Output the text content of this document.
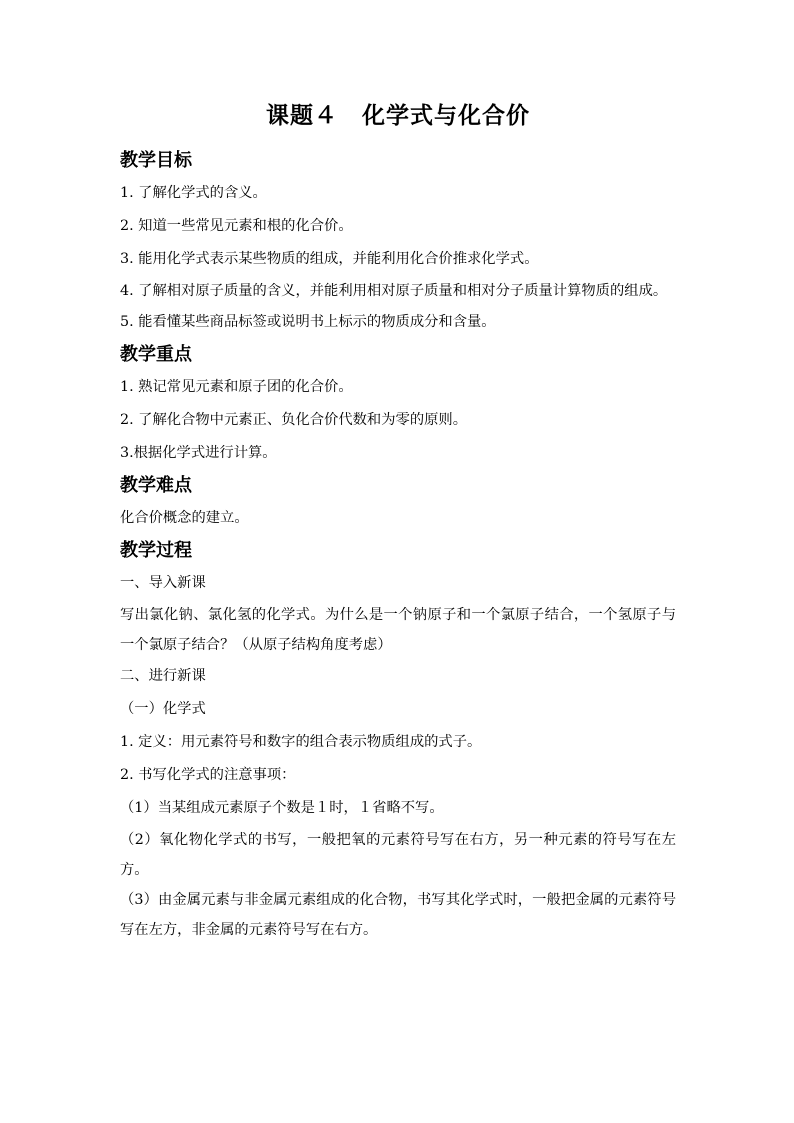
课题４　化学式与化合价
教学目标
1. 了解化学式的含义。
2. 知道一些常见元素和根的化合价。
3. 能用化学式表示某些物质的组成，并能利用化合价推求化学式。
4. 了解相对原子质量的含义，并能利用相对原子质量和相对分子质量计算物质的组成。
5. 能看懂某些商品标签或说明书上标示的物质成分和含量。
教学重点
1. 熟记常见元素和原子团的化合价。
2. 了解化合物中元素正、负化合价代数和为零的原则。
3.根据化学式进行计算。
教学难点
化合价概念的建立。
教学过程
一、导入新课
写出氯化钠、氯化氢的化学式。为什么是一个钠原子和一个氯原子结合，一个氢原子与一个氯原子结合？（从原子结构角度考虑）
二、进行新课
（一）化学式
1. 定义：用元素符号和数字的组合表示物质组成的式子。
2. 书写化学式的注意事项：
（1）当某组成元素原子个数是１时，１省略不写。
（2）氧化物化学式的书写，一般把氧的元素符号写在右方，另一种元素的符号写在左方。
（3）由金属元素与非金属元素组成的化合物，书写其化学式时，一般把金属的元素符号写在左方，非金属的元素符号写在右方。
